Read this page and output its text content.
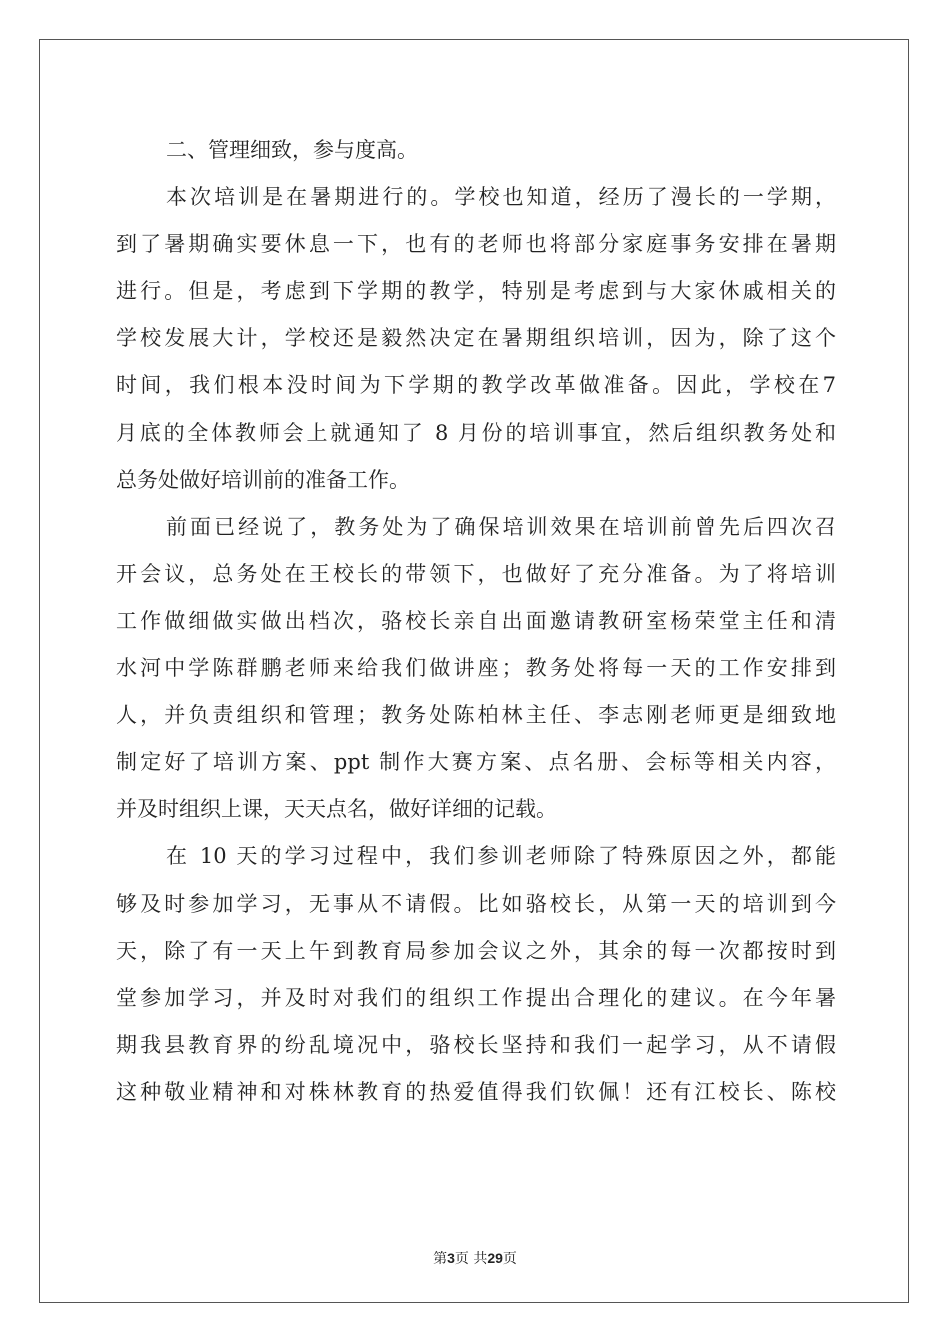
二、管理细致，参与度高。
本次培训是在暑期进行的。学校也知道，经历了漫长的一学期，
到了暑期确实要休息一下，也有的老师也将部分家庭事务安排在暑期
进行。但是，考虑到下学期的教学，特别是考虑到与大家休戚相关的
学校发展大计，学校还是毅然决定在暑期组织培训，因为，除了这个
时间，我们根本没时间为下学期的教学改革做准备。因此，学校在7
月底的全体教师会上就通知了 8 月份的培训事宜，然后组织教务处和
总务处做好培训前的准备工作。
前面已经说了，教务处为了确保培训效果在培训前曾先后四次召
开会议，总务处在王校长的带领下，也做好了充分准备。为了将培训
工作做细做实做出档次，骆校长亲自出面邀请教研室杨荣堂主任和清
水河中学陈群鹏老师来给我们做讲座；教务处将每一天的工作安排到
人，并负责组织和管理；教务处陈柏林主任、李志刚老师更是细致地
制定好了培训方案、ppt 制作大赛方案、点名册、会标等相关内容，
并及时组织上课，天天点名，做好详细的记载。
在 10 天的学习过程中，我们参训老师除了特殊原因之外，都能
够及时参加学习，无事从不请假。比如骆校长，从第一天的培训到今
天，除了有一天上午到教育局参加会议之外，其余的每一次都按时到
堂参加学习，并及时对我们的组织工作提出合理化的建议。在今年暑
期我县教育界的纷乱境况中，骆校长坚持和我们一起学习，从不请假
这种敬业精神和对株林教育的热爱值得我们钦佩！还有江校长、陈校
第3页 共29页
